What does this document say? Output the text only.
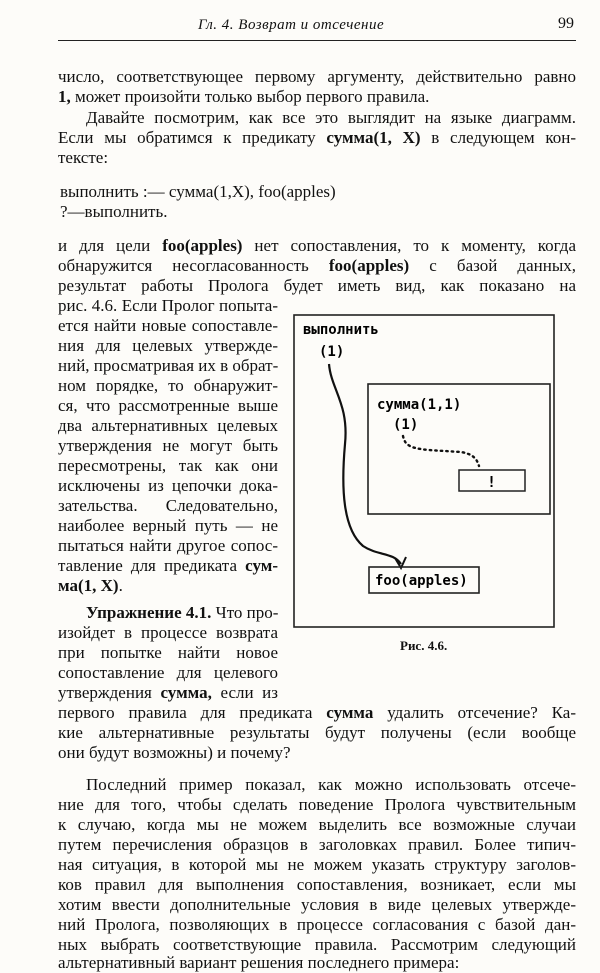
Гл. 4. Возврат и отсечение	99
число, соответствующее первому аргументу, действительно равно
1, может произойти только выбор первого правила.
Давайте посмотрим, как все это выглядит на языке диаграмм.
Если мы обратимся к предикату сумма(1, X) в следующем кон-
тексте:
выполнить :— сумма(1,X), foo(apples)
?—выполнить.
и для цели foo(apples) нет сопоставления, то к моменту, когда
обнаружится несогласованность foo(apples) с базой данных,
результат работы Пролога будет иметь вид, как показано на
рис. 4.6. Если Пролог попыта-
ется найти новые сопоставле-
ния для целевых утвержде-
ний, просматривая их в обрат-
ном порядке, то обнаружит-
ся, что рассмотренные выше
два альтернативных целевых
утверждения не могут быть
пересмотрены, так как они
исключены из цепочки дока-
зательства. Следовательно,
наиболее верный путь — не
пытаться найти другое сопос-
тавление для предиката сум-
ма(1, X).
Упражнение 4.1. Что про-
изойдет в процессе возврата
при попытке найти новое
сопоставление для целевого
утверждения сумма, если из
первого правила для предиката сумма удалить отсечение? Ка-
кие альтернативные результаты будут получены (если вообще
они будут возможны) и почему?
Последний пример показал, как можно использовать отсече-
ние для того, чтобы сделать поведение Пролога чувствительным
к случаю, когда мы не можем выделить все возможные случаи
путем перечисления образцов в заголовках правил. Более типич-
ная ситуация, в которой мы не можем указать структуру заголов-
ков правил для выполнения сопоставления, возникает, если мы
хотим ввести дополнительные условия в виде целевых утвержде-
ний Пролога, позволяющих в процессе согласования с базой дан-
ных выбрать соответствующие правила. Рассмотрим следующий
альтернативный вариант решения последнего примера:
выполнить
(1)
сумма(1,1)
(1)
!
foo(apples)
Рис. 4.6.
